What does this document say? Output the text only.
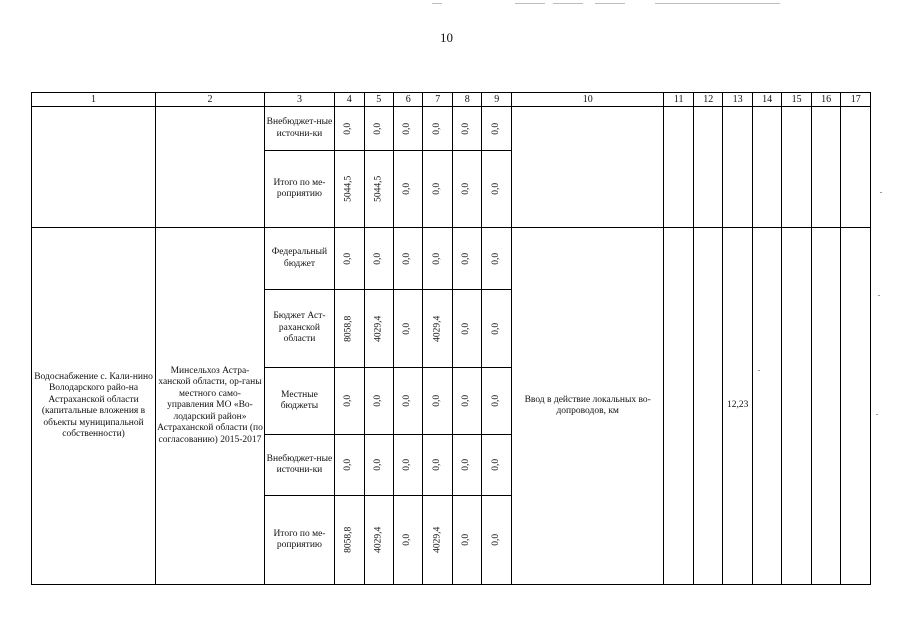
10
1	2	3	4	5	6	7	8	9	10	11	12	13	14	15	16	17
		Внебюджет-ные источни-ки	0,0	0,0	0,0	0,0	0,0	0,0								
		Итого по ме-роприятию	5044,5	5044,5	0,0	0,0	0,0	0,0								
Водоснабжение с. Кали-нино Володарского райо-на Астраханской области (капитальные вложения в объекты муниципальной собственности)	Минсельхоз Астра-ханской области, ор-ганы местного само-управления МО «Во-лодарский район» Астраханской области (по согласованию) 2015-2017	Федеральный бюджет	0,0	0,0	0,0	0,0	0,0	0,0	Ввод в действие локальных во-допроводов, км			12,23				
		Бюджет Аст-раханской области	8058,8	4029,4	0,0	4029,4	0,0	0,0								
		Местные бюджеты	0,0	0,0	0,0	0,0	0,0	0,0								
		Внебюджет-ные источни-ки	0,0	0,0	0,0	0,0	0,0	0,0								
		Итого по ме-роприятию	8058,8	4029,4	0,0	4029,4	0,0	0,0								
